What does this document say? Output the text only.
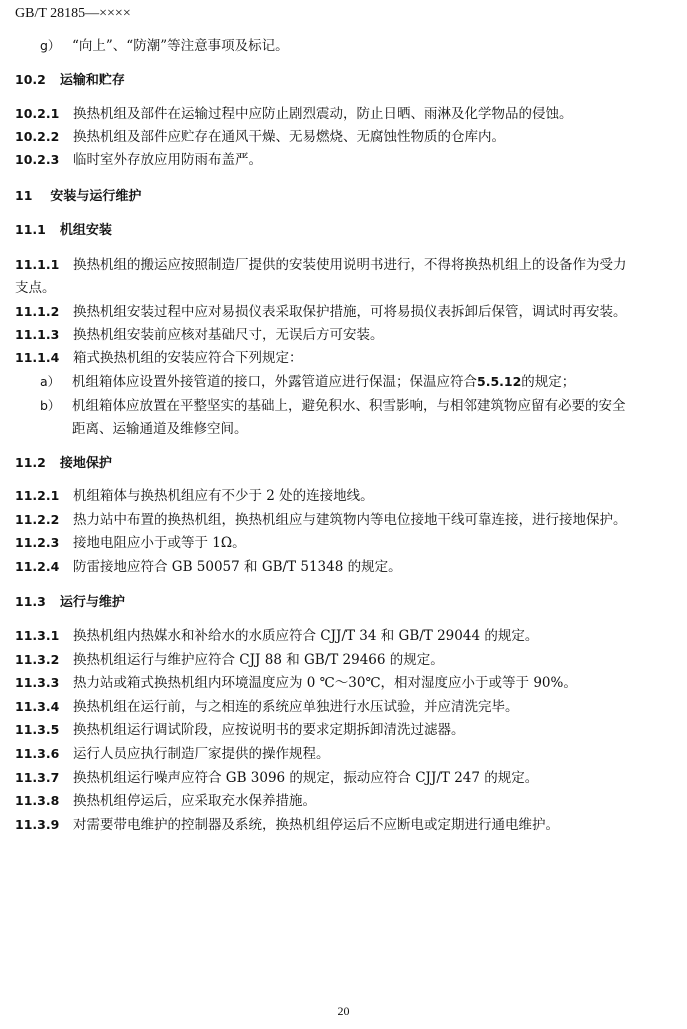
GB/T 28185—××××
g） “向上”、“防潮”等注意事项及标记。
10.2 运输和贮存
10.2.1 换热机组及部件在运输过程中应防止剧烈震动，防止日晒、雨淋及化学物品的侵蚀。
10.2.2 换热机组及部件应贮存在通风干燥、无易燃烧、无腐蚀性物质的仓库内。
10.2.3 临时室外存放应用防雨布盖严。
11 安装与运行维护
11.1 机组安装
11.1.1 换热机组的搬运应按照制造厂提供的安装使用说明书进行，不得将换热机组上的设备作为受力
支点。
11.1.2 换热机组安装过程中应对易损仪表采取保护措施，可将易损仪表拆卸后保管，调试时再安装。
11.1.3 换热机组安装前应核对基础尺寸，无误后方可安装。
11.1.4 箱式换热机组的安装应符合下列规定：
a） 机组箱体应设置外接管道的接口，外露管道应进行保温；保温应符合5.5.12的规定；
b） 机组箱体应放置在平整坚实的基础上，避免积水、积雪影响，与相邻建筑物应留有必要的安全
距离、运输通道及维修空间。
11.2 接地保护
11.2.1 机组箱体与换热机组应有不少于 2 处的连接地线。
11.2.2 热力站中布置的换热机组，换热机组应与建筑物内等电位接地干线可靠连接，进行接地保护。
11.2.3 接地电阻应小于或等于 1Ω。
11.2.4 防雷接地应符合 GB 50057 和 GB/T 51348 的规定。
11.3 运行与维护
11.3.1 换热机组内热媒水和补给水的水质应符合 CJJ/T 34 和 GB/T 29044 的规定。
11.3.2 换热机组运行与维护应符合 CJJ 88 和 GB/T 29466 的规定。
11.3.3 热力站或箱式换热机组内环境温度应为 0 ℃～30℃，相对湿度应小于或等于 90%。
11.3.4 换热机组在运行前，与之相连的系统应单独进行水压试验，并应清洗完毕。
11.3.5 换热机组运行调试阶段，应按说明书的要求定期拆卸清洗过滤器。
11.3.6 运行人员应执行制造厂家提供的操作规程。
11.3.7 换热机组运行噪声应符合 GB 3096 的规定，振动应符合 CJJ/T 247 的规定。
11.3.8 换热机组停运后，应采取充水保养措施。
11.3.9 对需要带电维护的控制器及系统，换热机组停运后不应断电或定期进行通电维护。
20
